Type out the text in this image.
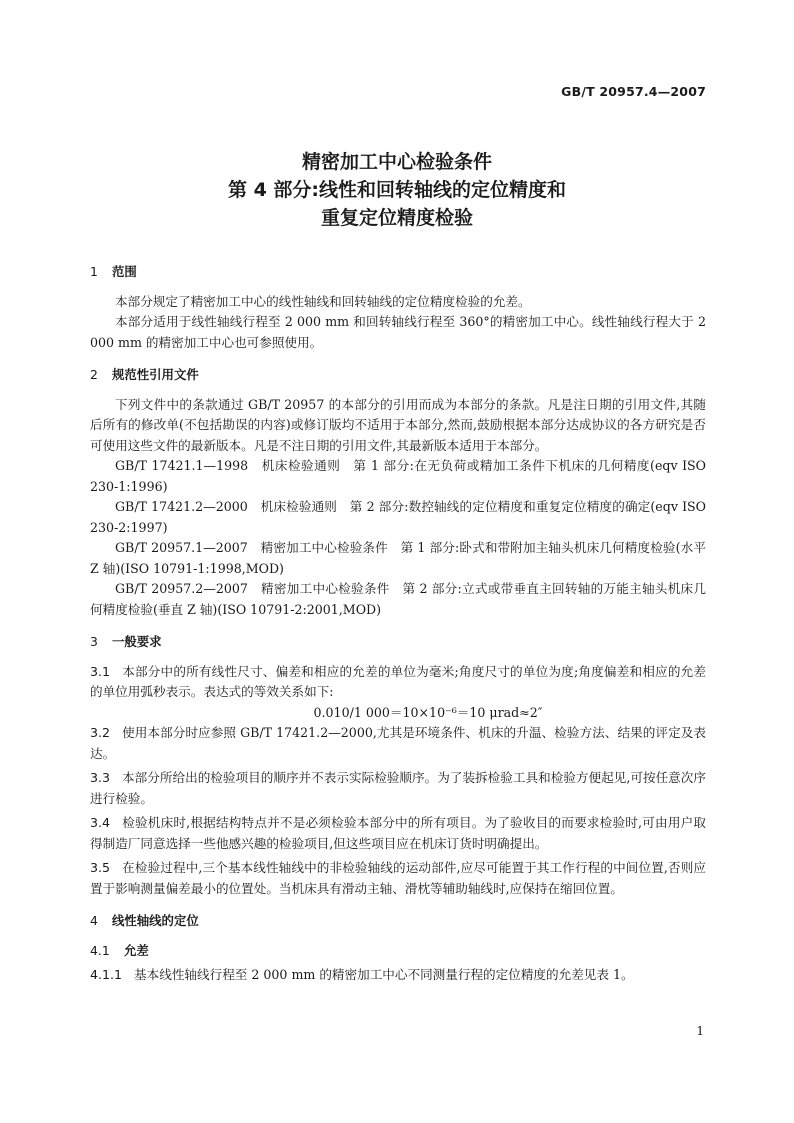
GB/T 20957.4—2007
精密加工中心检验条件
第 4 部分:线性和回转轴线的定位精度和
重复定位精度检验
1 范围

本部分规定了精密加工中心的线性轴线和回转轴线的定位精度检验的允差。

本部分适用于线性轴线行程至 2 000 mm 和回转轴线行程至 360°的精密加工中心。线性轴线行程大于 2 000 mm 的精密加工中心也可参照使用。

2 规范性引用文件

下列文件中的条款通过 GB/T 20957 的本部分的引用而成为本部分的条款。凡是注日期的引用文件,其随后所有的修改单(不包括勘误的内容)或修订版均不适用于本部分,然而,鼓励根据本部分达成协议的各方研究是否可使用这些文件的最新版本。凡是不注日期的引用文件,其最新版本适用于本部分。

GB/T 17421.1—1998　机床检验通则　第 1 部分:在无负荷或精加工条件下机床的几何精度(eqv ISO 230-1:1996)

GB/T 17421.2—2000　机床检验通则　第 2 部分:数控轴线的定位精度和重复定位精度的确定(eqv ISO 230-2:1997)

GB/T 20957.1—2007　精密加工中心检验条件　第 1 部分:卧式和带附加主轴头机床几何精度检验(水平 Z 轴)(ISO 10791-1:1998,MOD)

GB/T 20957.2—2007　精密加工中心检验条件　第 2 部分:立式或带垂直主回转轴的万能主轴头机床几何精度检验(垂直 Z 轴)(ISO 10791-2:2001,MOD)

3 一般要求

3.1 本部分中的所有线性尺寸、偏差和相应的允差的单位为毫米;角度尺寸的单位为度;角度偏差和相应的允差的单位用弧秒表示。表达式的等效关系如下:

0.010/1 000＝10×10⁻⁶＝10 μrad≈2″

3.2 使用本部分时应参照 GB/T 17421.2—2000,尤其是环境条件、机床的升温、检验方法、结果的评定及表达。

3.3 本部分所给出的检验项目的顺序并不表示实际检验顺序。为了装拆检验工具和检验方便起见,可按任意次序进行检验。

3.4 检验机床时,根据结构特点并不是必须检验本部分中的所有项目。为了验收目的而要求检验时,可由用户取得制造厂同意选择一些他感兴趣的检验项目,但这些项目应在机床订货时明确提出。

3.5 在检验过程中,三个基本线性轴线中的非检验轴线的运动部件,应尽可能置于其工作行程的中间位置,否则应置于影响测量偏差最小的位置处。当机床具有滑动主轴、滑枕等辅助轴线时,应保持在缩回位置。

4 线性轴线的定位
4.1 允差

4.1.1 基本线性轴线行程至 2 000 mm 的精密加工中心不同测量行程的定位精度的允差见表 1。

1
